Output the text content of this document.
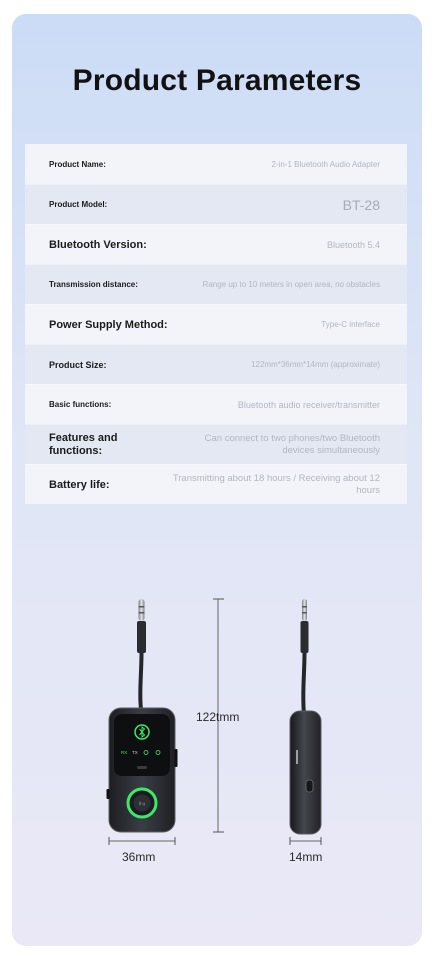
Product Parameters
Product Name:	2-in-1 Bluetooth Audio Adapter
Product Model:	BT-28
Bluetooth Version:	Bluetooth 5.4
Transmission distance:	Range up to 10 meters in open area, no obstacles
Power Supply Method:	Type-C interface
Product Size:	122mm*36mm*14mm (approximate)
Basic functions:	Bluetooth audio receiver/transmitter
Features and functions:
Can connect to two phones/two Bluetooth devices simultaneously
Battery life:
Transmitting about 18 hours / Receiving about 12 hours
RX TX
⏵⏸
122tmm
36mm	14mm
